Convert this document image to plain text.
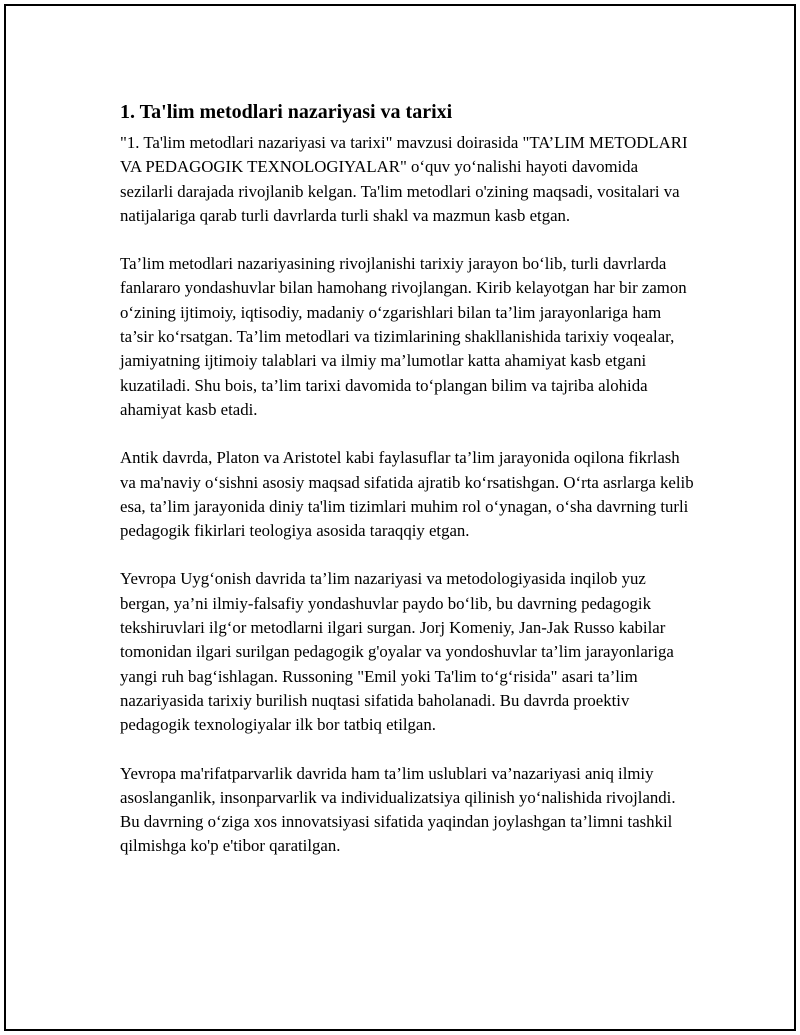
1. Ta'lim metodlari nazariyasi va tarixi

"1. Ta'lim metodlari nazariyasi va tarixi" mavzusi doirasida "TA’LIM METODLARI VA PEDAGOGIK TEXNOLOGIYALAR" o‘quv yo‘nalishi hayoti davomida sezilarli darajada rivojlanib kelgan. Ta'lim metodlari o'zining maqsadi, vositalari va natijalariga qarab turli davrlarda turli shakl va mazmun kasb etgan.

Ta’lim metodlari nazariyasining rivojlanishi tarixiy jarayon bo‘lib, turli davrlarda fanlararo yondashuvlar bilan hamohang rivojlangan. Kirib kelayotgan har bir zamon o‘zining ijtimoiy, iqtisodiy, madaniy o‘zgarishlari bilan ta’lim jarayonlariga ham ta’sir ko‘rsatgan. Ta’lim metodlari va tizimlarining shakllanishida tarixiy voqealar, jamiyatning ijtimoiy talablari va ilmiy ma’lumotlar katta ahamiyat kasb etgani kuzatiladi. Shu bois, ta’lim tarixi davomida to‘plangan bilim va tajriba alohida ahamiyat kasb etadi.

Antik davrda, Platon va Aristotel kabi faylasuflar ta’lim jarayonida oqilona fikrlash va ma'naviy o‘sishni asosiy maqsad sifatida ajratib ko‘rsatishgan. O‘rta asrlarga kelib esa, ta’lim jarayonida diniy ta'lim tizimlari muhim rol o‘ynagan, o‘sha davrning turli pedagogik fikirlari teologiya asosida taraqqiy etgan.

Yevropa Uyg‘onish davrida ta’lim nazariyasi va metodologiyasida inqilob yuz bergan, ya’ni ilmiy-falsafiy yondashuvlar paydo bo‘lib, bu davrning pedagogik tekshiruvlari ilg‘or metodlarni ilgari surgan. Jorj Komeniy, Jan-Jak Russo kabilar tomonidan ilgari surilgan pedagogik g'oyalar va yondoshuvlar ta’lim jarayonlariga yangi ruh bag‘ishlagan. Russoning "Emil yoki Ta'lim to‘g‘risida" asari ta’lim nazariyasida tarixiy burilish nuqtasi sifatida baholanadi. Bu davrda proektiv pedagogik texnologiyalar ilk bor tatbiq etilgan.

Yevropa ma'rifatparvarlik davrida ham ta’lim uslublari va’nazariyasi aniq ilmiy asoslanganlik, insonparvarlik va individualizatsiya qilinish yo‘nalishida rivojlandi. Bu davrning o‘ziga xos innovatsiyasi sifatida yaqindan joylashgan ta’limni tashkil qilmishga ko'p e'tibor qaratilgan.
